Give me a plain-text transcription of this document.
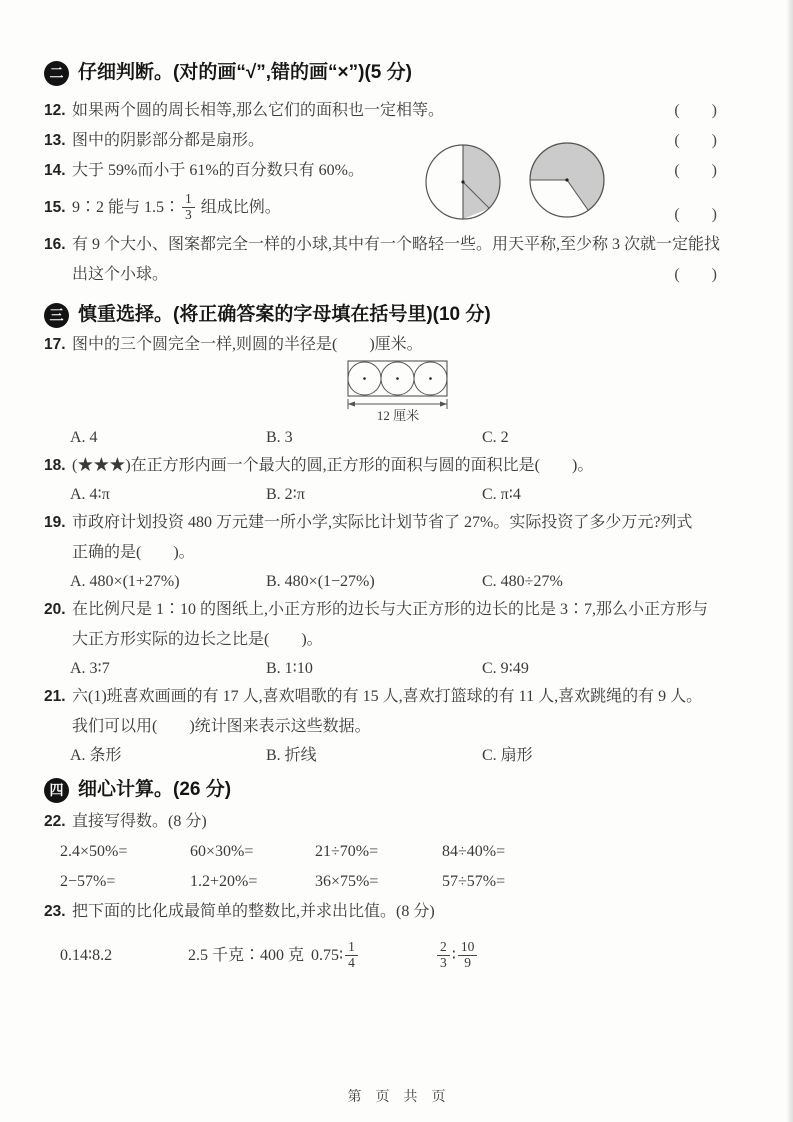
二 仔细判断。(对的画“√”,错的画“×”)(5 分)
12. 如果两个圆的周长相等,那么它们的面积也一定相等。	(　　)
13. 图中的阴影部分都是扇形。	(　　)
14. 大于 59%而小于 61%的百分数只有 60%。	(　　)
15. 9∶2 能与 1.5∶ $\frac{1}{3}$ 组成比例。	(　　)
16. 有 9 个大小、图案都完全一样的小球,其中有一个略轻一些。用天平称,至少称 3 次就一定能找
出这个小球。	(　　)
三 慎重选择。(将正确答案的字母填在括号里)(10 分)
17. 图中的三个圆完全一样,则圆的半径是(　　)厘米。
12 厘米
A. 4	B. 3	C. 2
18. (★★★)在正方形内画一个最大的圆,正方形的面积与圆的面积比是(　　)。
A. 4∶π	B. 2∶π	C. π∶4
19. 市政府计划投资 480 万元建一所小学,实际比计划节省了 27%。实际投资了多少万元?列式
正确的是(　　)。
A. 480×(1+27%)	B. 480×(1−27%)	C. 480÷27%
20. 在比例尺是 1∶10 的图纸上,小正方形的边长与大正方形的边长的比是 3∶7,那么小正方形与
大正方形实际的边长之比是(　　)。
A. 3∶7	B. 1∶10	C. 9∶49
21. 六(1)班喜欢画画的有 17 人,喜欢唱歌的有 15 人,喜欢打篮球的有 11 人,喜欢跳绳的有 9 人。
我们可以用(　　)统计图来表示这些数据。
A. 条形	B. 折线	C. 扇形
四 细心计算。(26 分)
22. 直接写得数。(8 分)
2.4×50%=	60×30%=	21÷70%=	84÷40%=
2−57%=	1.2+20%=	36×75%=	57÷57%=
23. 把下面的比化成最简单的整数比,并求出比值。(8 分)
0.14∶8.2	2.5 千克∶400 克 0.75∶ $\frac{1}{4}$	$\frac{2}{3}$ ∶ $\frac{10}{9}$
第　页　共　页
